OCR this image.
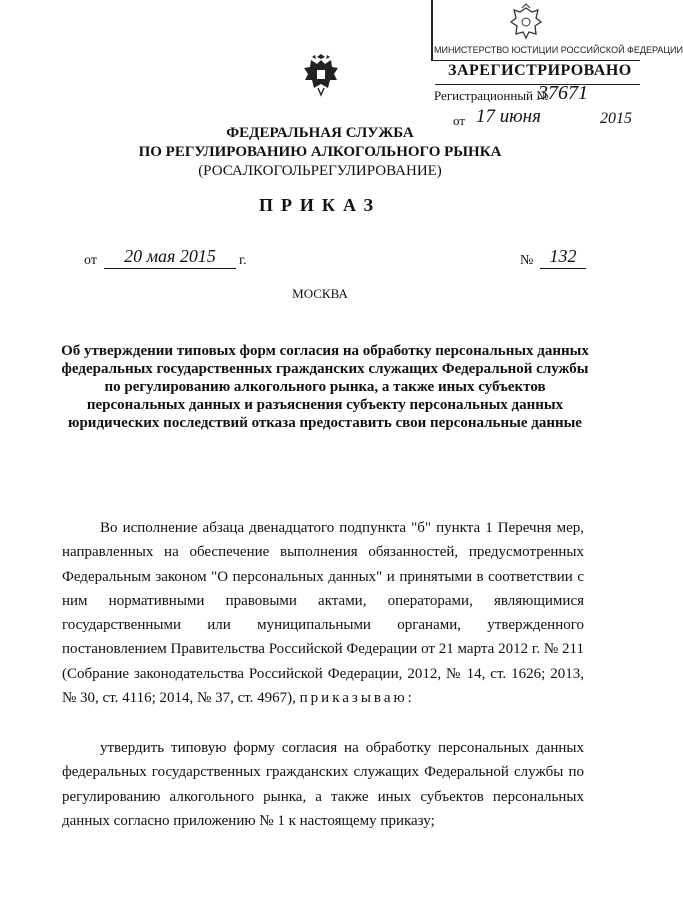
МИНИСТЕРСТВО ЮСТИЦИИ РОССИЙСКОЙ ФЕДЕРАЦИИ
ЗАРЕГИСТРИРОВАНО
Регистрационный №
37671
от 17 июня	2015
ФЕДЕРАЛЬНАЯ СЛУЖБА
ПО РЕГУЛИРОВАНИЮ АЛКОГОЛЬНОГО РЫНКА
(РОСАЛКОГОЛЬРЕГУЛИРОВАНИЕ)
ПРИКАЗ
от	20 мая 2015	г.	№ 132
МОСКВА
Об утверждении типовых форм согласия на обработку персональных данных федеральных государственных гражданских служащих Федеральной службы по регулированию алкогольного рынка, а также иных субъектов персональных данных и разъяснения субъекту персональных данных юридических последствий отказа предоставить свои персональные данные
Во исполнение абзаца двенадцатого подпункта "б" пункта 1 Перечня мер, направленных на обеспечение выполнения обязанностей, предусмотренных Федеральным законом "О персональных данных" и принятыми в соответствии с ним нормативными правовыми актами, операторами, являющимися государственными или муниципальными органами, утвержденного постановлением Правительства Российской Федерации от 21 марта 2012 г. № 211 (Собрание законодательства Российской Федерации, 2012, № 14, ст. 1626; 2013, № 30, ст. 4116; 2014, № 37, ст. 4967), приказываю:
утвердить типовую форму согласия на обработку персональных данных федеральных государственных гражданских служащих Федеральной службы по регулированию алкогольного рынка, а также иных субъектов персональных данных согласно приложению № 1 к настоящему приказу;
